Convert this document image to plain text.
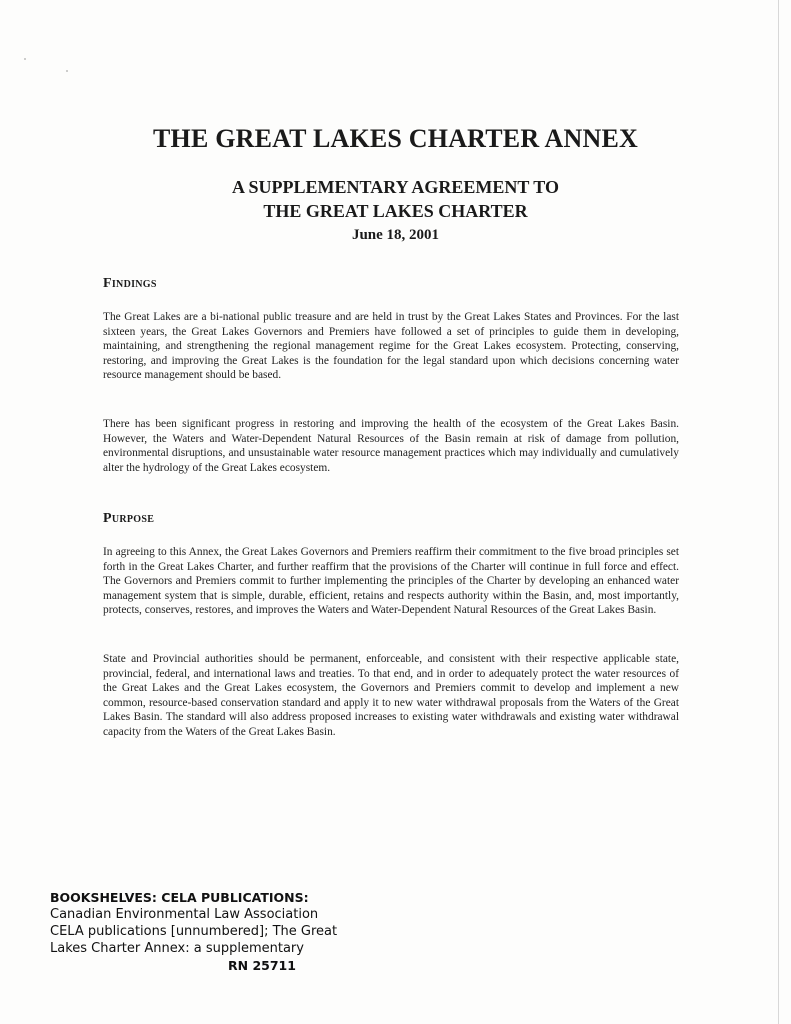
THE GREAT LAKES CHARTER ANNEX
A SUPPLEMENTARY AGREEMENT TO
THE GREAT LAKES CHARTER
June 18, 2001
Findings

The Great Lakes are a bi-national public treasure and are held in trust by the Great Lakes States and Provinces. For the last sixteen years, the Great Lakes Governors and Premiers have followed a set of principles to guide them in developing, maintaining, and strengthening the regional management regime for the Great Lakes ecosystem. Protecting, conserving, restoring, and improving the Great Lakes is the foundation for the legal standard upon which decisions concerning water resource management should be based.

There has been significant progress in restoring and improving the health of the ecosystem of the Great Lakes Basin. However, the Waters and Water-Dependent Natural Resources of the Basin remain at risk of damage from pollution, environmental disruptions, and unsustainable water resource management practices which may individually and cumulatively alter the hydrology of the Great Lakes ecosystem.

Purpose

In agreeing to this Annex, the Great Lakes Governors and Premiers reaffirm their commitment to the five broad principles set forth in the Great Lakes Charter, and further reaffirm that the provisions of the Charter will continue in full force and effect. The Governors and Premiers commit to further implementing the principles of the Charter by developing an enhanced water management system that is simple, durable, efficient, retains and respects authority within the Basin, and, most importantly, protects, conserves, restores, and improves the Waters and Water-Dependent Natural Resources of the Great Lakes Basin.

State and Provincial authorities should be permanent, enforceable, and consistent with their respective applicable state, provincial, federal, and international laws and treaties. To that end, and in order to adequately protect the water resources of the Great Lakes and the Great Lakes ecosystem, the Governors and Premiers commit to develop and implement a new common, resource-based conservation standard and apply it to new water withdrawal proposals from the Waters of the Great Lakes Basin. The standard will also address proposed increases to existing water withdrawals and existing water withdrawal capacity from the Waters of the Great Lakes Basin.

BOOKSHELVES: CELA PUBLICATIONS:
Canadian Environmental Law Association
CELA publications [unnumbered]; The Great
Lakes Charter Annex: a supplementary
RN 25711
